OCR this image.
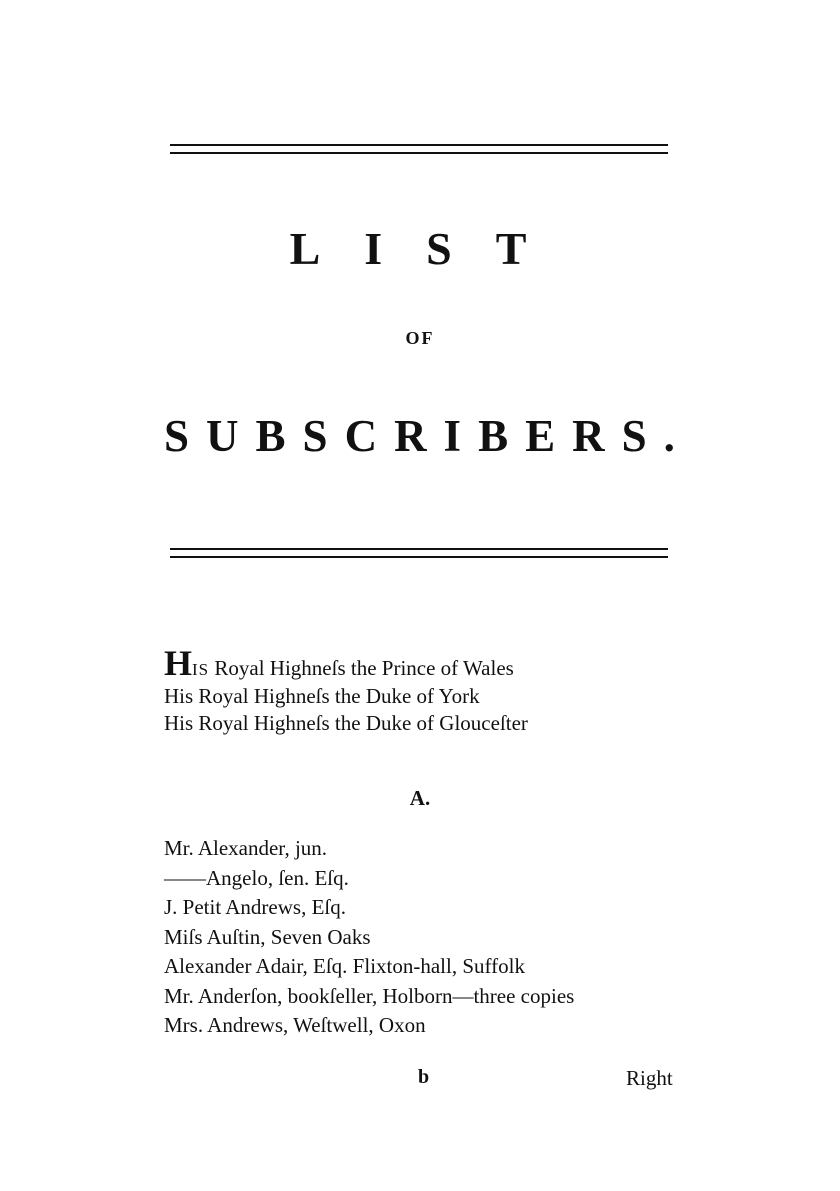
LIST
OF
SUBSCRIBERS.
HIS Royal Highneſs the Prince of Wales
His Royal Highneſs the Duke of York
His Royal Highneſs the Duke of Glouceſter
A.
Mr. Alexander, jun.
——Angelo, ſen. Eſq.
J. Petit Andrews, Eſq.
Miſs Auſtin, Seven Oaks
Alexander Adair, Eſq. Flixton-hall, Suffolk
Mr. Anderſon, bookſeller, Holborn—three copies
Mrs. Andrews, Weſtwell, Oxon
b	Right
